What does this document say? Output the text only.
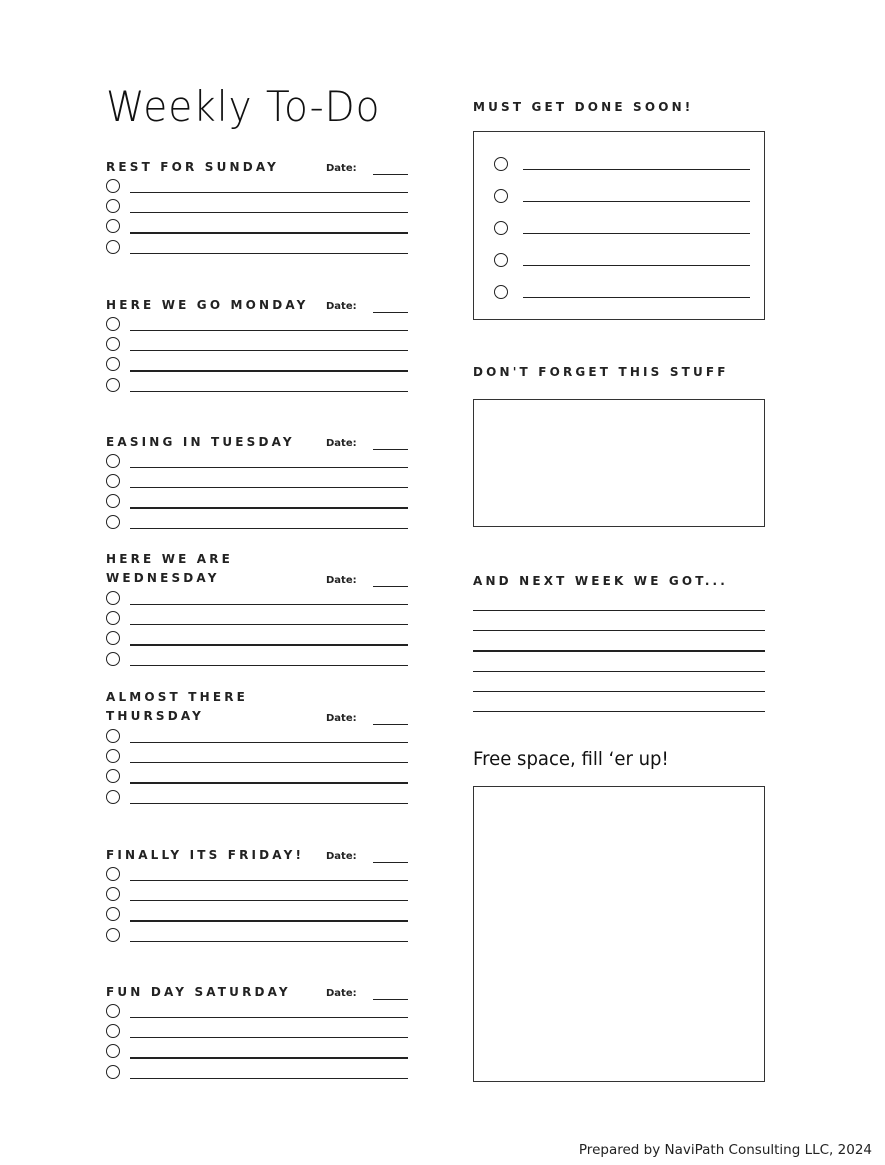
Weekly To-Do
REST FOR SUNDAY	Date:
HERE WE GO MONDAY	Date:
EASING IN TUESDAY	Date:
HERE WE ARE WEDNESDAY	Date:
ALMOST THERE THURSDAY	Date:
FINALLY ITS FRIDAY!	Date:
FUN DAY SATURDAY	Date:
MUST GET DONE SOON!
DON'T FORGET THIS STUFF
AND NEXT WEEK WE GOT...
Free space, fill ‘er up!
Prepared by NaviPath Consulting LLC, 2024
